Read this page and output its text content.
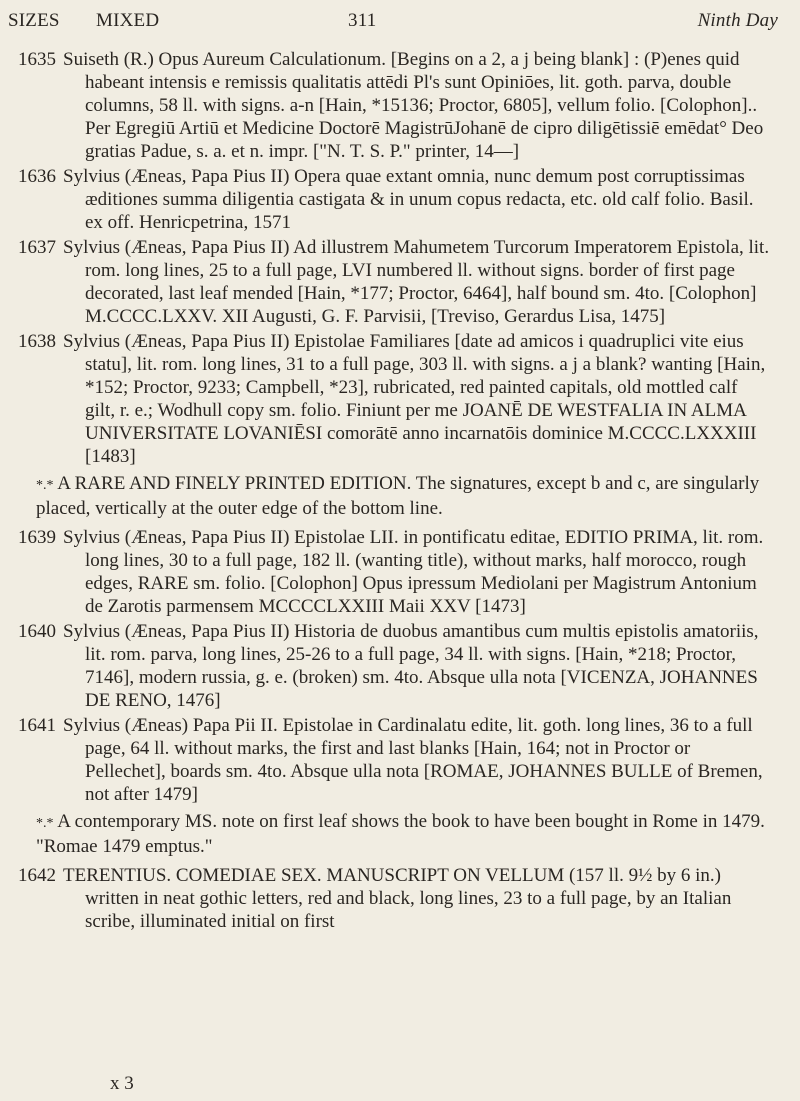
SIZES MIXED	311	Ninth Day
1635 Suiseth (R.) Opus Aureum Calculationum. [Begins on a 2, a j being blank] : (P)enes quid habeant intensis e remissis qualitatis attēdi Pl's sunt Opiniōes, lit. goth. parva, double columns, 58 ll. with signs. a-n [Hain, *15136; Proctor, 6805], vellum folio. [Colophon].. Per Egregiū Artiū et Medicine Doctorē MagistrūJohanē de cipro diligētissiē emēdat° Deo gratias Padue, s. a. et n. impr. ["N. T. S. P." printer, 14—]
1636 Sylvius (Æneas, Papa Pius II) Opera quae extant omnia, nunc demum post corruptissimas æditiones summa diligentia castigata & in unum copus redacta, etc. old calf folio. Basil. ex off. Henricpetrina, 1571
1637 Sylvius (Æneas, Papa Pius II) Ad illustrem Mahumetem Turcorum Imperatorem Epistola, lit. rom. long lines, 25 to a full page, LVI numbered ll. without signs. border of first page decorated, last leaf mended [Hain, *177; Proctor, 6464], half bound sm. 4to. [Colophon] M.CCCC.LXXV. XII Augusti, G. F. Parvisii, [Treviso, Gerardus Lisa, 1475]
1638 Sylvius (Æneas, Papa Pius II) Epistolae Familiares [date ad amicos i quadruplici vite eius statu], lit. rom. long lines, 31 to a full page, 303 ll. with signs. a j a blank? wanting [Hain, *152; Proctor, 9233; Campbell, *23], rubricated, red painted capitals, old mottled calf gilt, r. e.; Wodhull copy sm. folio. Finiunt per me JOANĒ DE WESTFALIA IN ALMA UNIVERSITATE LOVANIĒSI comorātē anno incarnatōis dominice M.CCCC.LXXXIII [1483]
*.* A RARE AND FINELY PRINTED EDITION. The signatures, except b and c, are singularly placed, vertically at the outer edge of the bottom line.
1639 Sylvius (Æneas, Papa Pius II) Epistolae LII. in pontificatu editae, EDITIO PRIMA, lit. rom. long lines, 30 to a full page, 182 ll. (wanting title), without marks, half morocco, rough edges, RARE sm. folio. [Colophon] Opus ipressum Mediolani per Magistrum Antonium de Zarotis parmensem MCCCCLXXIII Maii XXV [1473]
1640 Sylvius (Æneas, Papa Pius II) Historia de duobus amantibus cum multis epistolis amatoriis, lit. rom. parva, long lines, 25-26 to a full page, 34 ll. with signs. [Hain, *218; Proctor, 7146], modern russia, g. e. (broken) sm. 4to. Absque ulla nota [VICENZA, JOHANNES DE RENO, 1476]
1641 Sylvius (Æneas) Papa Pii II. Epistolae in Cardinalatu edite, lit. goth. long lines, 36 to a full page, 64 ll. without marks, the first and last blanks [Hain, 164; not in Proctor or Pellechet], boards sm. 4to. Absque ulla nota [ROMAE, JOHANNES BULLE of Bremen, not after 1479]
*.* A contemporary MS. note on first leaf shows the book to have been bought in Rome in 1479. "Romae 1479 emptus."
1642 TERENTIUS. COMEDIAE SEX. MANUSCRIPT ON VELLUM (157 ll. 9½ by 6 in.) written in neat gothic letters, red and black, long lines, 23 to a full page, by an Italian scribe, illuminated initial on first
x 3
